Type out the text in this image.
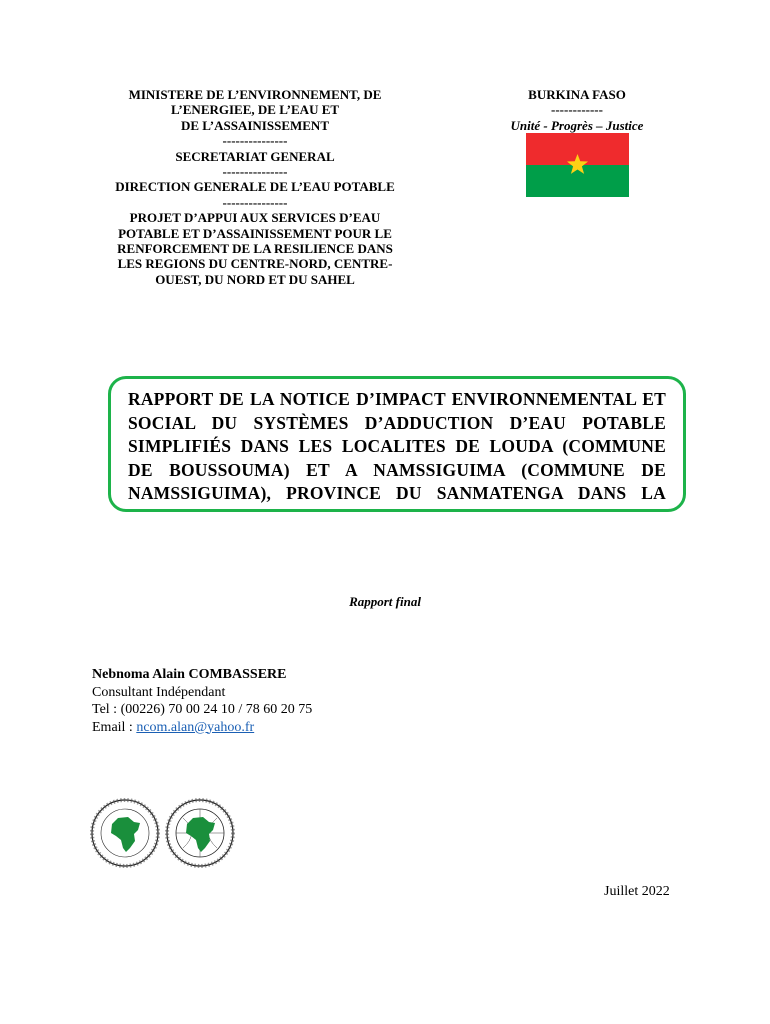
MINISTERE DE L’ENVIRONNEMENT, DE
L’ENERGIEE, DE L’EAU ET
DE L’ASSAINISSEMENT
---------------
SECRETARIAT GENERAL
---------------
DIRECTION GENERALE DE L’EAU POTABLE
---------------
PROJET D’APPUI AUX SERVICES D’EAU
POTABLE ET D’ASSAINISSEMENT POUR LE
RENFORCEMENT DE LA RESILIENCE DANS
LES REGIONS DU CENTRE-NORD, CENTRE-
OUEST, DU NORD ET DU SAHEL
BURKINA FASO
------------
Unité - Progrès – Justice

RAPPORT DE LA NOTICE D’IMPACT ENVIRONNEMENTAL ET

SOCIAL DU SYSTÈMES D’ADDUCTION D’EAU POTABLE

SIMPLIFIÉS DANS LES LOCALITES DE LOUDA (COMMUNE

DE BOUSSOUMA) ET A NAMSSIGUIMA (COMMUNE DE

NAMSSIGUIMA), PROVINCE DU SANMATENGA DANS LA

Rapport final
Nebnoma Alain COMBASSERE
Consultant Indépendant
Tel : (00226) 70 00 24 10 / 78 60 20 75
Email : ncom.alan@yahoo.fr
Juillet 2022
